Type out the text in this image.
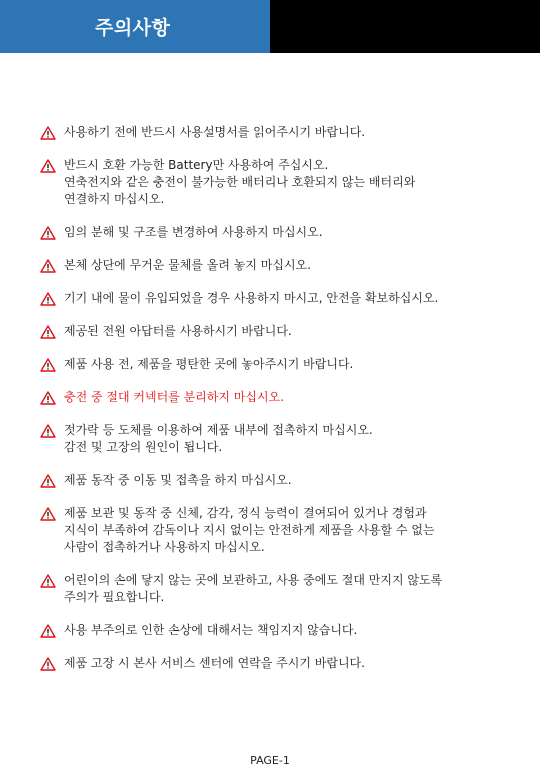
주의사항
사용하기 전에 반드시 사용설명서를 읽어주시기 바랍니다.
반드시 호환 가능한 Battery만 사용하여 주십시오.
연축전지와 같은 충전이 불가능한 배터리나 호환되지 않는 배터리와
연결하지 마십시오.
임의 분해 및 구조를 변경하여 사용하지 마십시오.
본체 상단에 무거운 물체를 올려 놓지 마십시오.
기기 내에 물이 유입되었을 경우 사용하지 마시고, 안전을 확보하십시오.
제공된 전원 아답터를 사용하시기 바랍니다.
제품 사용 전, 제품을 평탄한 곳에 놓아주시기 바랍니다.
충전 중 절대 커넥터를 분리하지 마십시오.
젓가락 등 도체를 이용하여 제품 내부에 접촉하지 마십시오.
감전 및 고장의 원인이 됩니다.
제품 동작 중 이동 및 접촉을 하지 마십시오.
제품 보관 및 동작 중 신체, 감각, 정식 능력이 결여되어 있거나 경험과
지식이 부족하여 감독이나 지시 없이는 안전하게 제품을 사용할 수 없는
사람이 접촉하거나 사용하지 마십시오.
어린이의 손에 닿지 않는 곳에 보관하고, 사용 중에도 절대 만지지 않도록
주의가 필요합니다.
사용 부주의로 인한 손상에 대해서는 책임지지 않습니다.
제품 고장 시 본사 서비스 센터에 연락을 주시기 바랍니다.
PAGE-1
